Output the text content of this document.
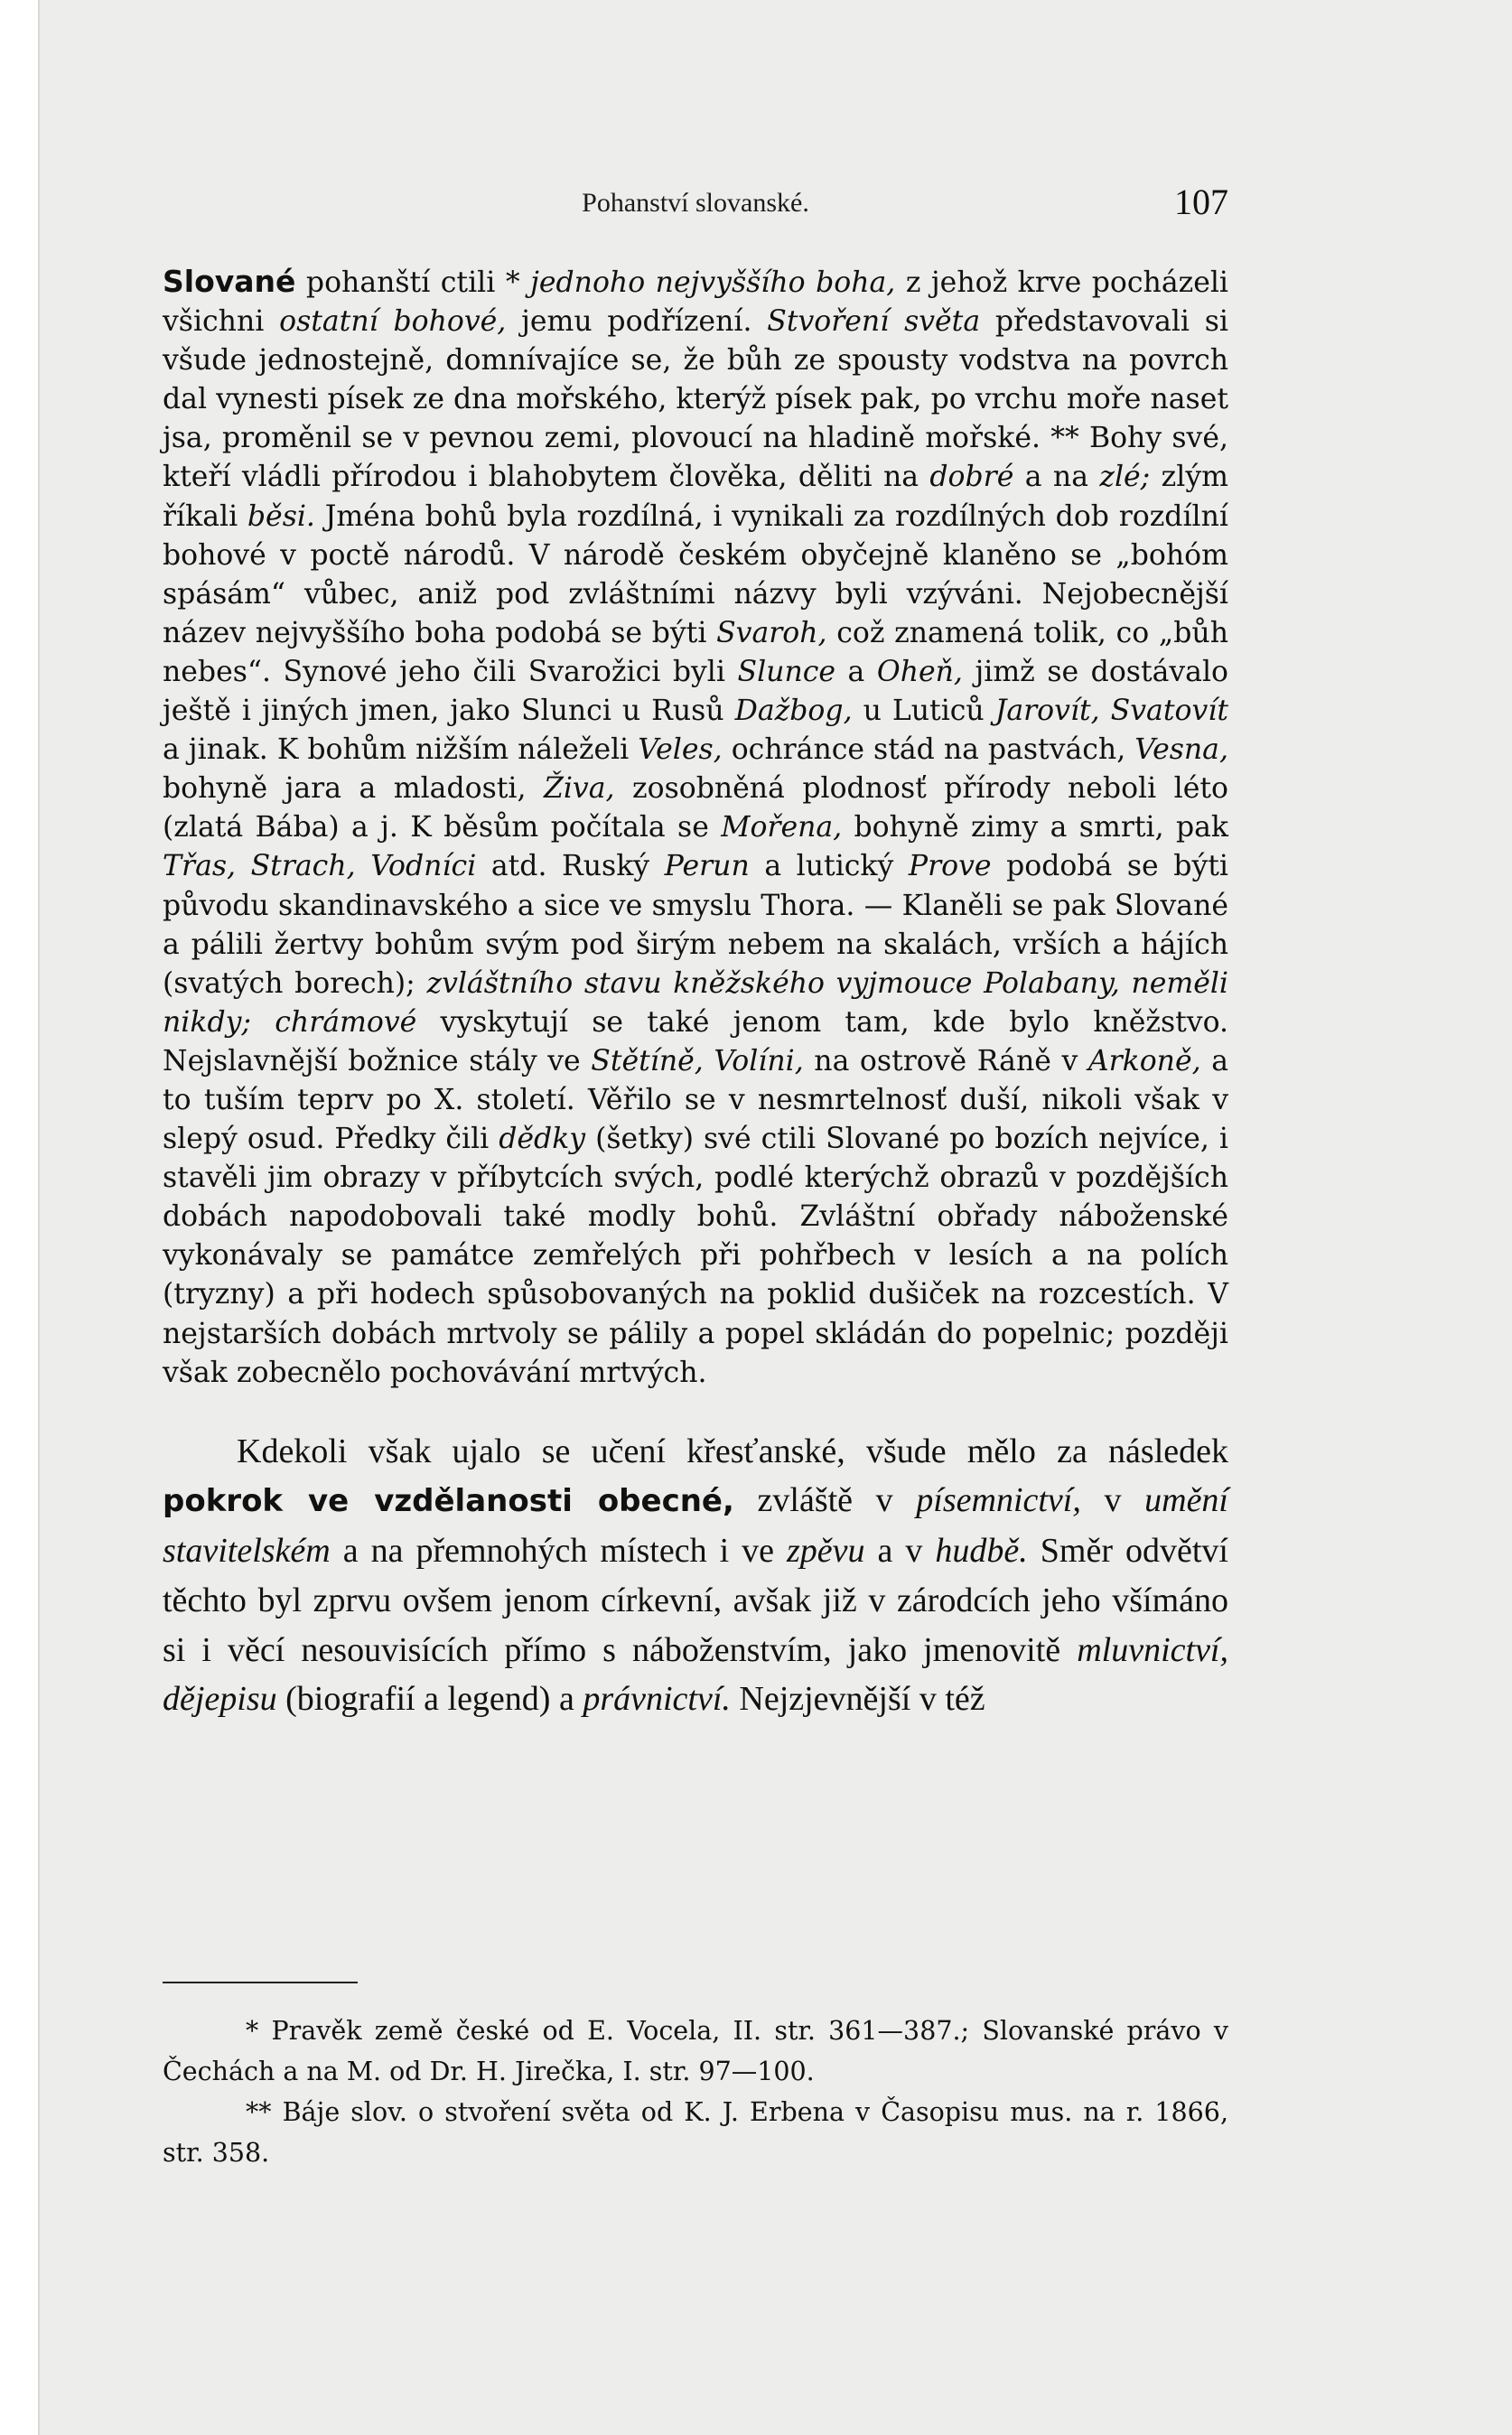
Pohanství slovanské.	107

Slované pohanští ctili * jednoho nejvyššího boha, z jehož krve pocházeli všichni ostatní bohové, jemu podřízení. Stvoření světa představovali si všude jednostejně, domnívajíce se, že bůh ze spousty vodstva na povrch dal vynesti písek ze dna mořského, kterýž písek pak, po vrchu moře naset jsa, proměnil se v pevnou zemi, plovoucí na hladině mořské. ** Bohy své, kteří vládli přírodou i blahobytem člověka, děliti na dobré a na zlé; zlým říkali běsi. Jména bohů byla rozdílná, i vynikali za rozdílných dob rozdílní bohové v poctě národů. V národě českém obyčejně klaněno se „bohóm spásám“ vůbec, aniž pod zvláštními názvy byli vzýváni. Nejobecnější název nejvyššího boha podobá se býti Svaroh, což znamená tolik, co „bůh nebes“. Synové jeho čili Svarožici byli Slunce a Oheň, jimž se dostávalo ještě i jiných jmen, jako Slunci u Rusů Dažbog, u Luticů Jarovít, Svatovít a jinak. K bohům nižším náleželi Veles, ochránce stád na pastvách, Vesna, bohyně jara a mladosti, Živa, zosobněná plodnosť přírody neboli léto (zlatá Bába) a j. K běsům počítala se Mořena, bohyně zimy a smrti, pak Třas, Strach, Vodníci atd. Ruský Perun a lutický Prove podobá se býti původu skandinavského a sice ve smyslu Thora. — Klaněli se pak Slované a pálili žertvy bohům svým pod širým nebem na skalách, vrších a hájích (svatých borech); zvláštního stavu kněžského vyjmouce Polabany, neměli nikdy; chrámové vyskytují se také jenom tam, kde bylo kněžstvo. Nejslavnější božnice stály ve Stětíně, Volíni, na ostrově Ráně v Arkoně, a to tuším teprv po X. století. Věřilo se v nesmrtelnosť duší, nikoli však v slepý osud. Předky čili dědky (šetky) své ctili Slované po bozích nejvíce, i stavěli jim obrazy v příbytcích svých, podlé kterýchž obrazů v pozdějších dobách napodobovali také modly bohů. Zvláštní obřady náboženské vykonávaly se památce zemřelých při pohřbech v lesích a na polích (tryzny) a při hodech spůsobovaných na poklid dušiček na rozcestích. V nejstarších dobách mrtvoly se pálily a popel skládán do popelnic; později však zobecnělo pochovávání mrtvých.

Kdekoli však ujalo se učení křesťanské, všude mělo za následek pokrok ve vzdělanosti obecné, zvláště v písemnictví, v umění stavitelském a na přemnohých místech i ve zpěvu a v hudbě. Směr odvětví těchto byl zprvu ovšem jenom církevní, avšak již v zárodcích jeho všímáno si i věcí nesouvisících přímo s náboženstvím, jako jmenovitě mluvnictví, dějepisu (biografií a legend) a právnictví. Nejzjevnější v též

* Pravěk země české od E. Vocela, II. str. 361—387.; Slovanské právo v Čechách a na M. od Dr. H. Jirečka, I. str. 97—100.

** Báje slov. o stvoření světa od K. J. Erbena v Časopisu mus. na r. 1866, str. 358.
